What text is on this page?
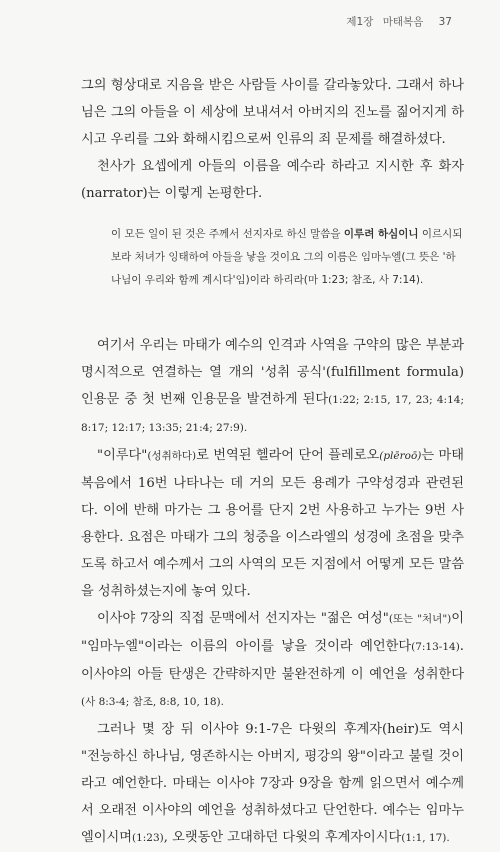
제1장 마태복음 37

그의 형상대로 지음을 받은 사람들 사이를 갈라놓았다. 그래서 하나님은 그의 아들을 이 세상에 보내셔서 아버지의 진노를 짊어지게 하시고 우리를 그와 화해시킴으로써 인류의 죄 문제를 해결하셨다.

천사가 요셉에게 아들의 이름을 예수라 하라고 지시한 후 화자(narrator)는 이렇게 논평한다.

이 모든 일이 된 것은 주께서 선지자로 하신 말씀을 이루려 하심이니 이르시되 보라 처녀가 잉태하여 아들을 낳을 것이요 그의 이름은 임마누엘(그 뜻은 '하나님이 우리와 함께 계시다'임)이라 하리라(마 1:23; 참조, 사 7:14).

여기서 우리는 마태가 예수의 인격과 사역을 구약의 많은 부분과 명시적으로 연결하는 열 개의 '성취 공식'(fulfillment formula) 인용문 중 첫 번째 인용문을 발견하게 된다(1:22; 2:15, 17, 23; 4:14; 8:17; 12:17; 13:35; 21:4; 27:9).

"이루다"(성취하다)로 번역된 헬라어 단어 플레로오(plēroō)는 마태복음에서 16번 나타나는 데 거의 모든 용례가 구약성경과 관련된다. 이에 반해 마가는 그 용어를 단지 2번 사용하고 누가는 9번 사용한다. 요점은 마태가 그의 청중을 이스라엘의 성경에 초점을 맞추도록 하고서 예수께서 그의 사역의 모든 지점에서 어떻게 모든 말씀을 성취하셨는지에 놓여 있다.

이사야 7장의 직접 문맥에서 선지자는 "젊은 여성"(또는 "처녀")이 "임마누엘"이라는 이름의 아이를 낳을 것이라 예언한다(7:13-14). 이사야의 아들 탄생은 간략하지만 불완전하게 이 예언을 성취한다(사 8:3-4; 참조, 8:8, 10, 18).

그러나 몇 장 뒤 이사야 9:1-7은 다윗의 후계자(heir)도 역시 "전능하신 하나님, 영존하시는 아버지, 평강의 왕"이라고 불릴 것이라고 예언한다. 마태는 이사야 7장과 9장을 함께 읽으면서 예수께서 오래전 이사야의 예언을 성취하셨다고 단언한다. 예수는 임마누엘이시며(1:23), 오랫동안 고대하던 다윗의 후계자이시다(1:1, 17).
